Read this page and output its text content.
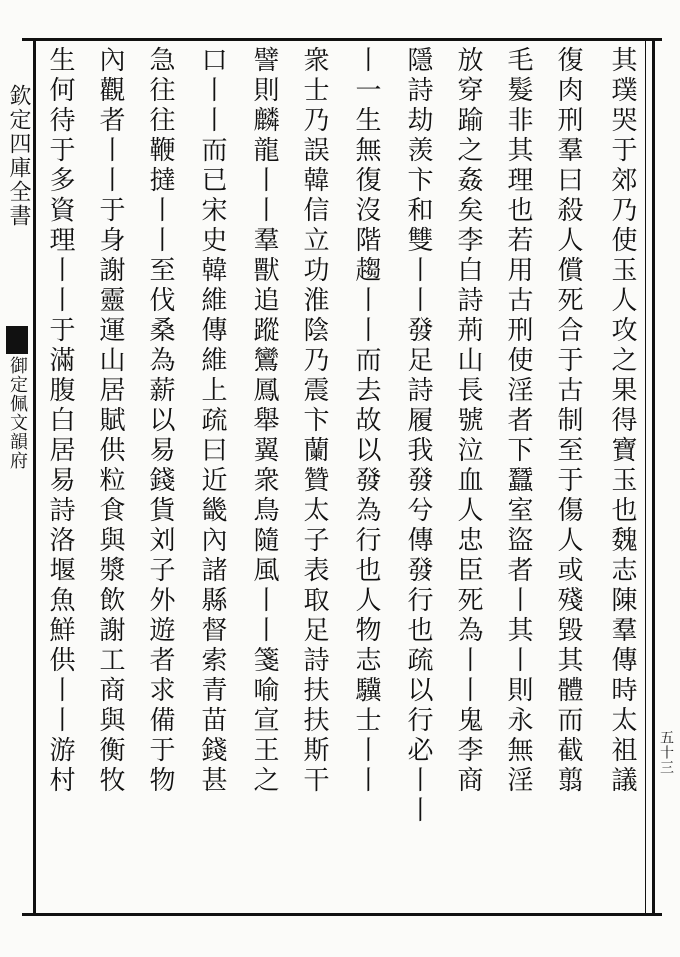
欽定四庫全書
御定佩文韻府	其璞哭于郊乃使玉人攻之果得寶玉也魏志陳羣傳時太祖議
復肉刑羣曰殺人償死合于古制至于傷人或殘毀其體而截翦
毛髮非其理也若用古刑使淫者下蠶室盜者丨其丨則永無淫
放穿踰之姦矣李白詩荊山長號泣血人忠臣死為丨丨鬼李商
隱詩劫羡卞和雙丨丨發足詩履我發兮傳發行也疏以行必丨丨
丨一生無復沒階趨丨丨而去故以發為行也人物志驥士丨丨
衆士乃誤韓信立功淮陰乃震卞蘭贊太子表取足詩扶扶斯干
譬則麟龍丨丨羣獸追蹤鸞鳳舉翼衆鳥隨風丨丨箋喻宣王之
口丨丨而已宋史韓維傳維上疏曰近畿內諸縣督索青苗錢甚
急往往鞭撻丨丨至伐桑為薪以易錢貨刘子外遊者求備于物
內觀者丨丨于身謝靈運山居賦供粒食與漿飲謝工商與衡牧
生何待于多資理丨丨于滿腹白居易詩洛堰魚鮮供丨丨游村	五十三
